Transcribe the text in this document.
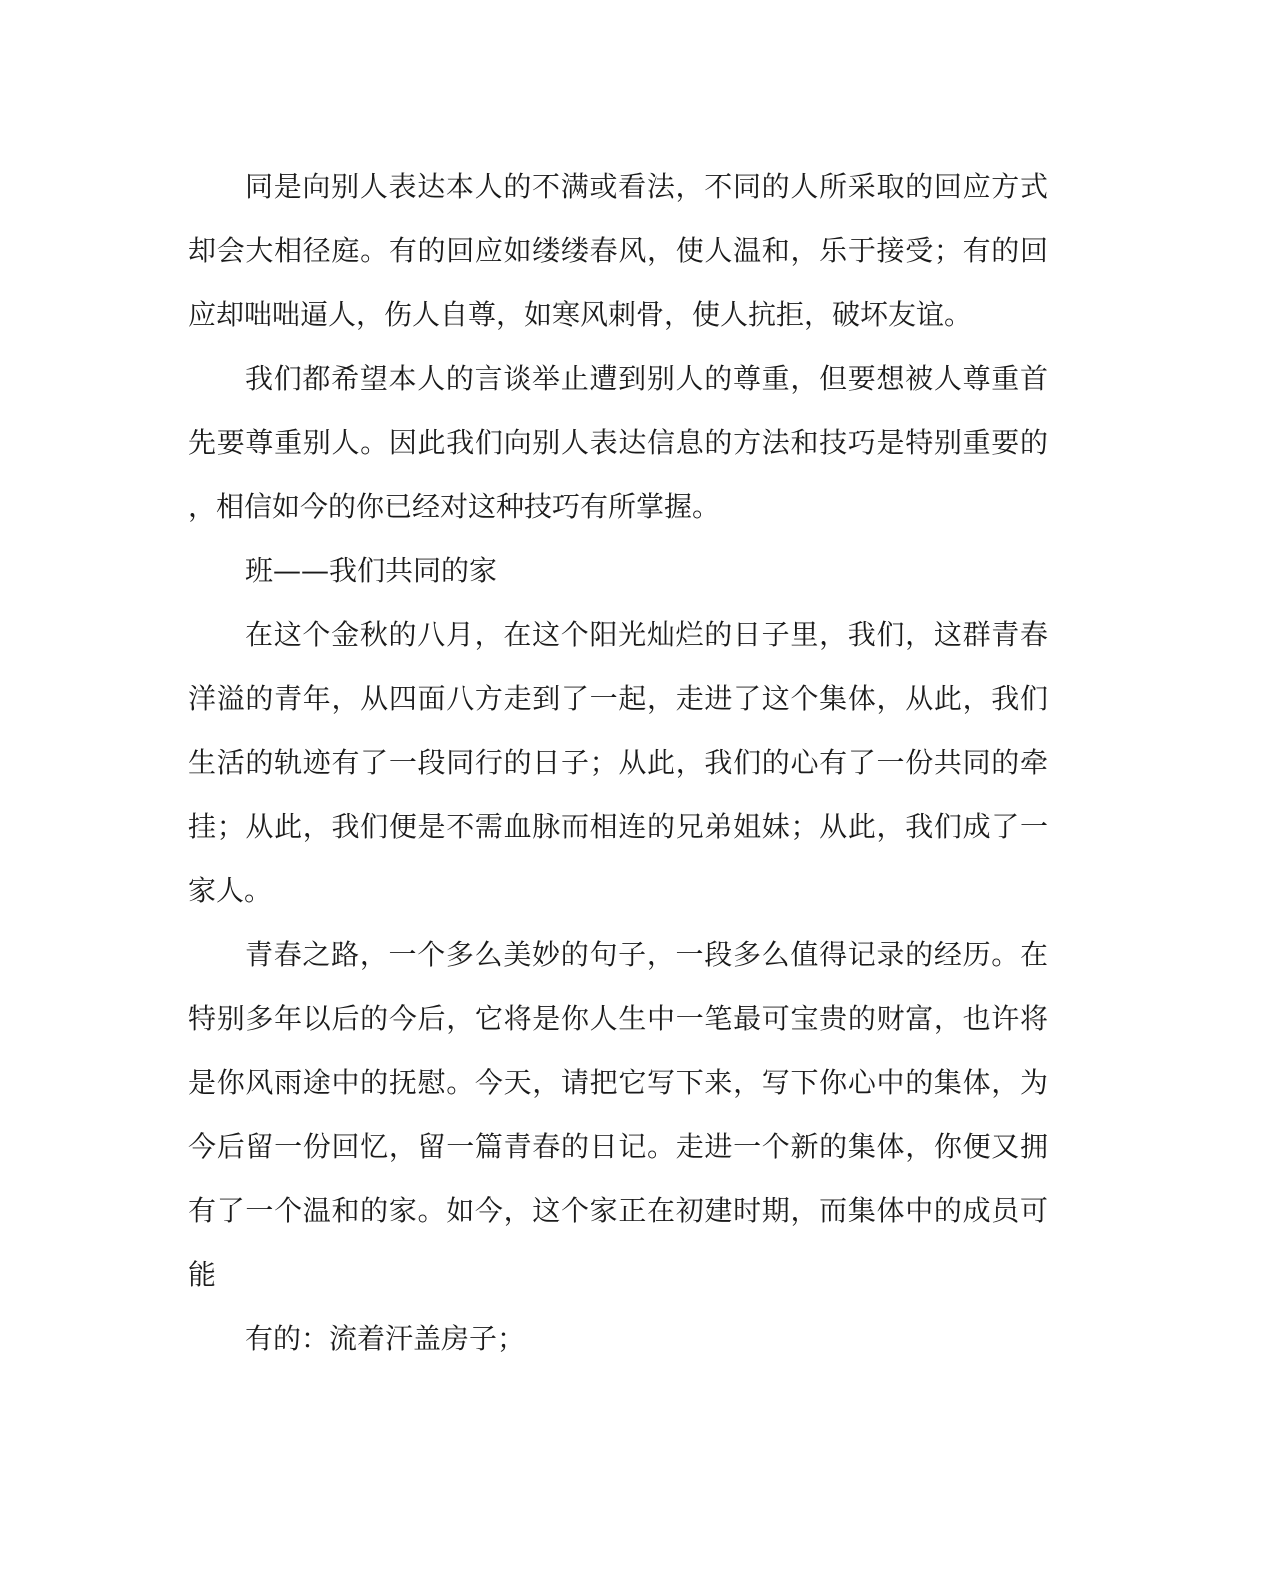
同是向别人表达本人的不满或看法，不同的人所采取的回应方式
却会大相径庭。有的回应如缕缕春风，使人温和，乐于接受；有的回
应却咄咄逼人，伤人自尊，如寒风刺骨，使人抗拒，破坏友谊。
我们都希望本人的言谈举止遭到别人的尊重，但要想被人尊重首
先要尊重别人。因此我们向别人表达信息的方法和技巧是特别重要的
，相信如今的你已经对这种技巧有所掌握。
班——我们共同的家
在这个金秋的八月，在这个阳光灿烂的日子里，我们，这群青春
洋溢的青年，从四面八方走到了一起，走进了这个集体，从此，我们
生活的轨迹有了一段同行的日子；从此，我们的心有了一份共同的牵
挂；从此，我们便是不需血脉而相连的兄弟姐妹；从此，我们成了一
家人。
青春之路，一个多么美妙的句子，一段多么值得记录的经历。在
特别多年以后的今后，它将是你人生中一笔最可宝贵的财富，也许将
是你风雨途中的抚慰。今天，请把它写下来，写下你心中的集体，为
今后留一份回忆，留一篇青春的日记。走进一个新的集体，你便又拥
有了一个温和的家。如今，这个家正在初建时期，而集体中的成员可
能
有的：流着汗盖房子；
